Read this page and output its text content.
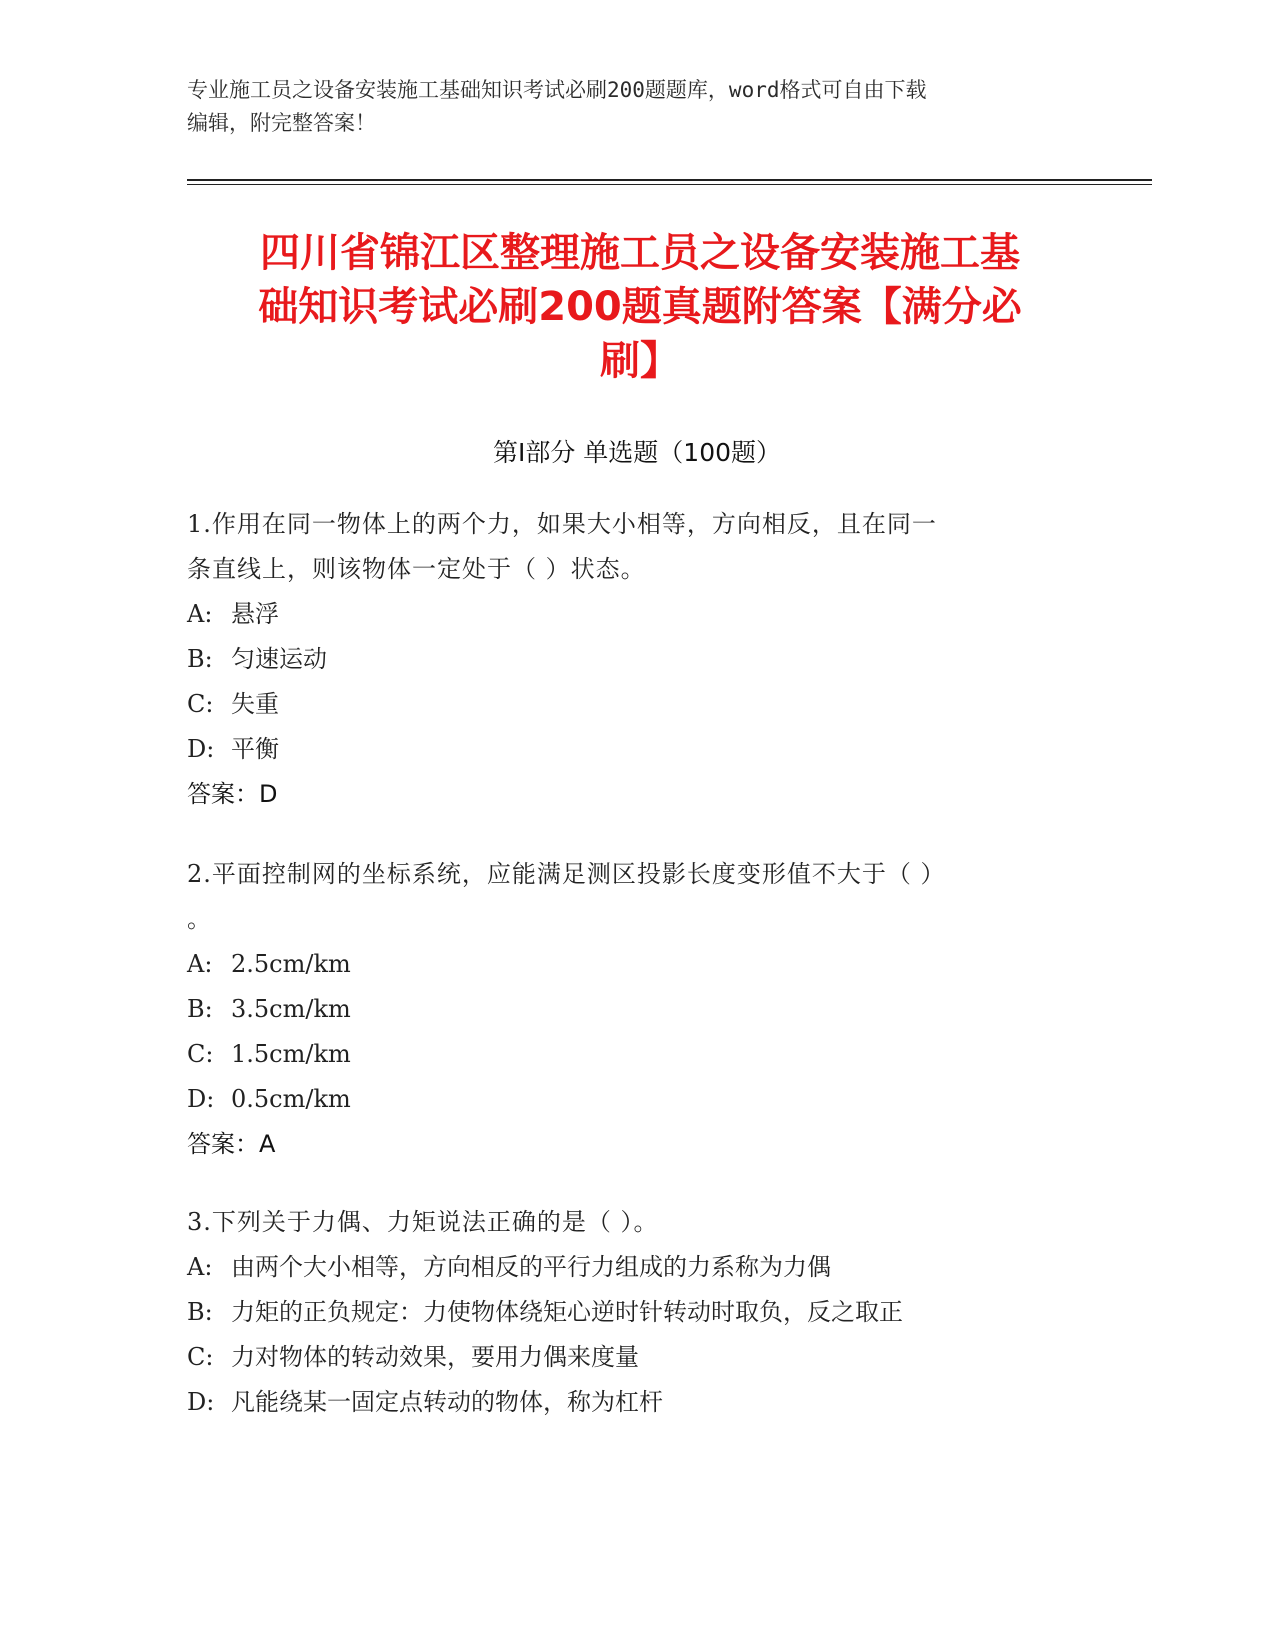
专业施工员之设备安装施工基础知识考试必刷200题题库，word格式可自由下载
编辑，附完整答案！
四川省锦江区整理施工员之设备安装施工基
础知识考试必刷200题真题附答案【满分必
刷】
第Ⅰ部分 单选题（100题）

1.作用在同一物体上的两个力，如果大小相等，方向相反，且在同一

条直线上，则该物体一定处于（ ）状态。

A: 悬浮

B: 匀速运动

C: 失重

D: 平衡

答案：D

2.平面控制网的坐标系统，应能满足测区投影长度变形值不大于（ ）

。

A: 2.5cm/km

B: 3.5cm/km

C: 1.5cm/km

D: 0.5cm/km

答案：A

3.下列关于力偶、力矩说法正确的是（ ）。

A: 由两个大小相等，方向相反的平行力组成的力系称为力偶

B: 力矩的正负规定：力使物体绕矩心逆时针转动时取负，反之取正

C: 力对物体的转动效果，要用力偶来度量

D: 凡能绕某一固定点转动的物体，称为杠杆
